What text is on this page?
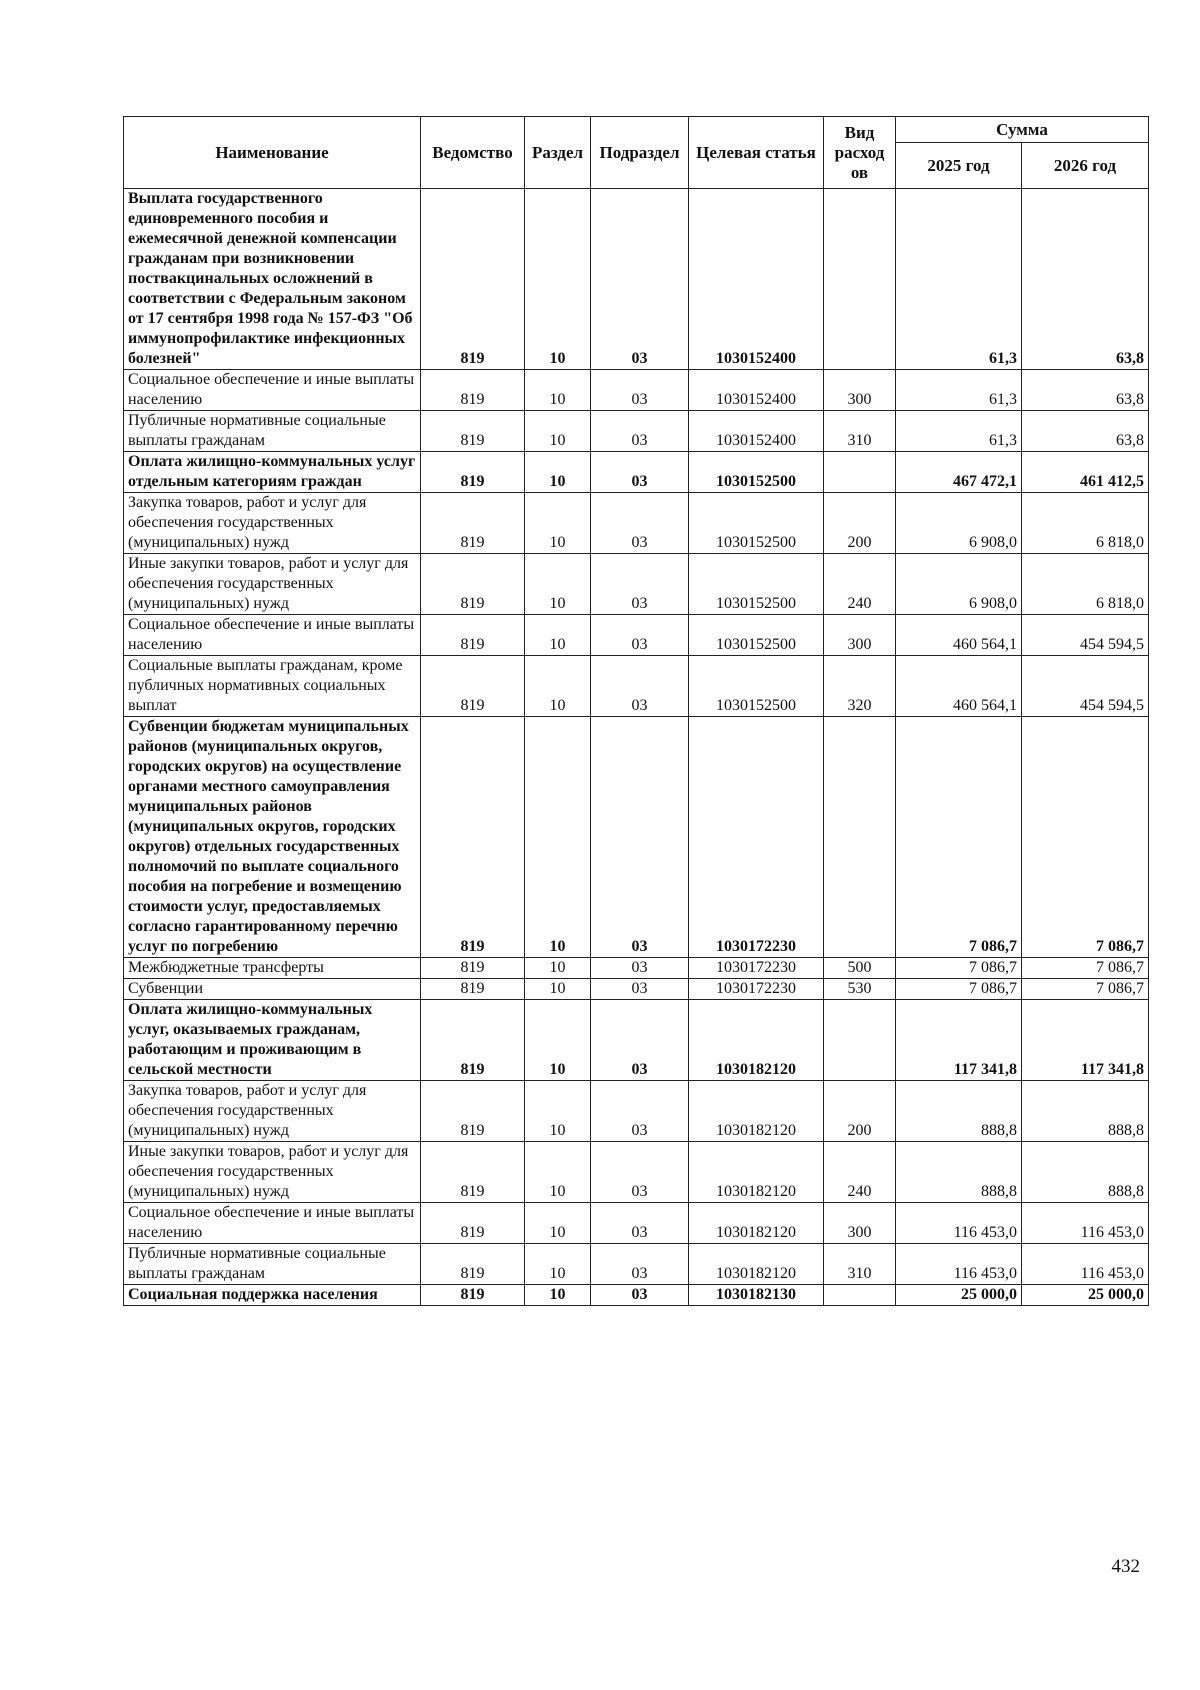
Наименование	Ведомство	Раздел	Подраздел	Целевая статья	Вид расход ов	Сумма	
						2025 год	2026 год
Выплата государственного единовременного пособия и ежемесячной денежной компенсации гражданам при возникновении поствакцинальных осложнений в соответствии с Федеральным законом от 17 сентября 1998 года № 157-ФЗ "Об иммунопрофилактике инфекционных болезней"	819	10	03	1030152400		61,3	63,8
Социальное обеспечение и иные выплаты населению	819	10	03	1030152400	300	61,3	63,8
Публичные нормативные социальные выплаты гражданам	819	10	03	1030152400	310	61,3	63,8
Оплата жилищно-коммунальных услуг отдельным категориям граждан	819	10	03	1030152500		467 472,1	461 412,5
Закупка товаров, работ и услуг для обеспечения государственных (муниципальных) нужд	819	10	03	1030152500	200	6 908,0	6 818,0
Иные закупки товаров, работ и услуг для обеспечения государственных (муниципальных) нужд	819	10	03	1030152500	240	6 908,0	6 818,0
Социальное обеспечение и иные выплаты населению	819	10	03	1030152500	300	460 564,1	454 594,5
Социальные выплаты гражданам, кроме публичных нормативных социальных выплат	819	10	03	1030152500	320	460 564,1	454 594,5
Субвенции бюджетам муниципальных районов (муниципальных округов, городских округов) на осуществление органами местного самоуправления муниципальных районов (муниципальных округов, городских округов) отдельных государственных полномочий по выплате социального пособия на погребение и возмещению стоимости услуг, предоставляемых согласно гарантированному перечню услуг по погребению	819	10	03	1030172230		7 086,7	7 086,7
Межбюджетные трансферты	819	10	03	1030172230	500	7 086,7	7 086,7
Субвенции	819	10	03	1030172230	530	7 086,7	7 086,7
Оплата жилищно-коммунальных услуг, оказываемых гражданам, работающим и проживающим в сельской местности	819	10	03	1030182120		117 341,8	117 341,8
Закупка товаров, работ и услуг для обеспечения государственных (муниципальных) нужд	819	10	03	1030182120	200	888,8	888,8
Иные закупки товаров, работ и услуг для обеспечения государственных (муниципальных) нужд	819	10	03	1030182120	240	888,8	888,8
Социальное обеспечение и иные выплаты населению	819	10	03	1030182120	300	116 453,0	116 453,0
Публичные нормативные социальные выплаты гражданам	819	10	03	1030182120	310	116 453,0	116 453,0
Социальная поддержка населения	819	10	03	1030182130		25 000,0	25 000,0
432
